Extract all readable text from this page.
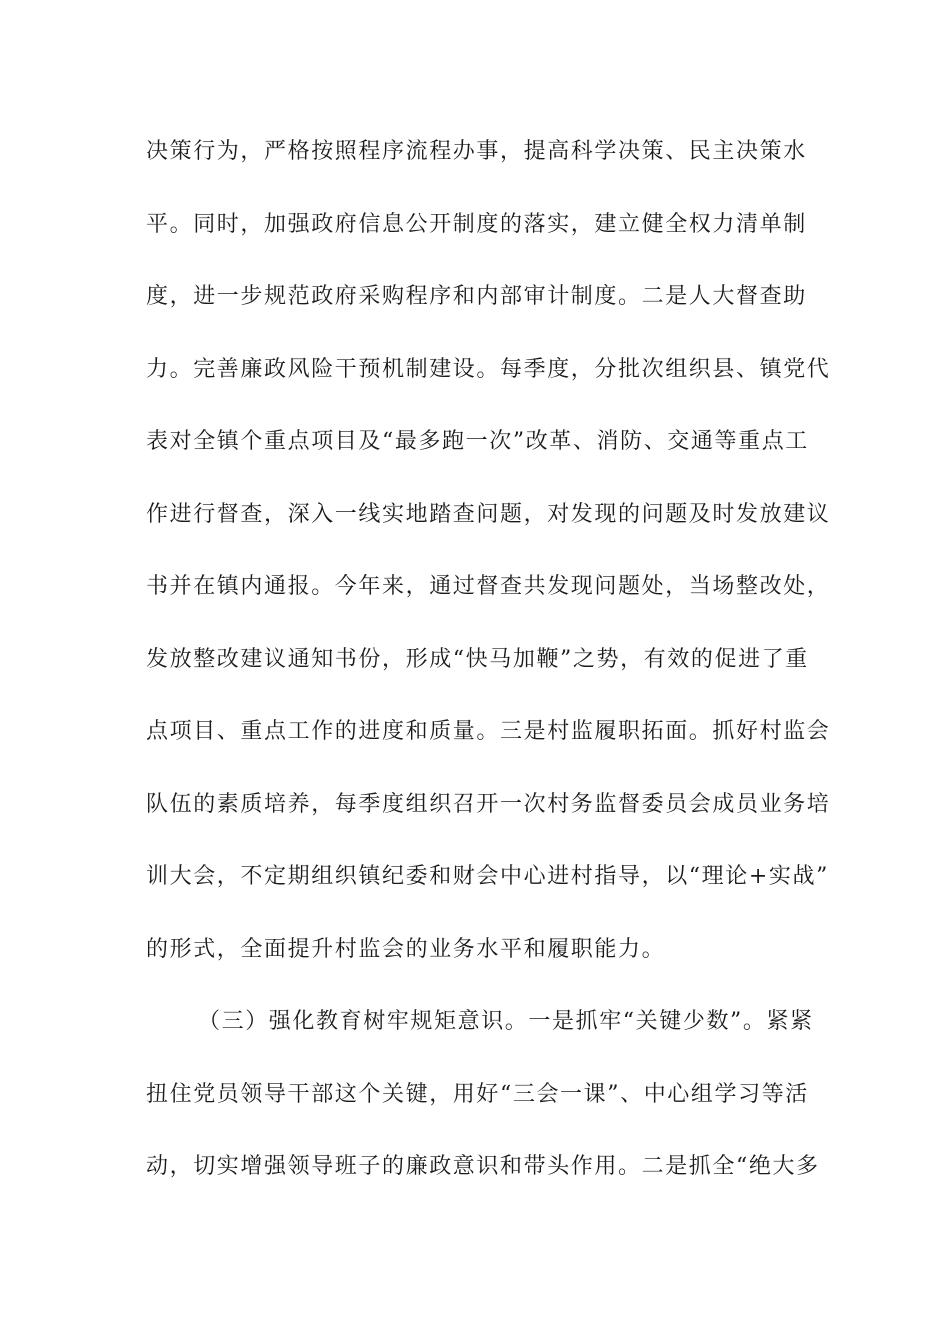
决策行为，严格按照程序流程办事，提高科学决策、民主决策水
平。同时，加强政府信息公开制度的落实，建立健全权力清单制
度，进一步规范政府采购程序和内部审计制度。二是人大督查助
力。完善廉政风险干预机制建设。每季度，分批次组织县、镇党代
表对全镇个重点项目及“最多跑一次”改革、消防、交通等重点工
作进行督查，深入一线实地踏查问题，对发现的问题及时发放建议
书并在镇内通报。今年来，通过督查共发现问题处，当场整改处，
发放整改建议通知书份，形成“快马加鞭”之势，有效的促进了重
点项目、重点工作的进度和质量。三是村监履职拓面。抓好村监会
队伍的素质培养，每季度组织召开一次村务监督委员会成员业务培
训大会，不定期组织镇纪委和财会中心进村指导，以“理论+实战”
的形式，全面提升村监会的业务水平和履职能力。
（三）强化教育树牢规矩意识。一是抓牢“关键少数”。紧紧
扭住党员领导干部这个关键，用好“三会一课”、中心组学习等活
动，切实增强领导班子的廉政意识和带头作用。二是抓全“绝大多
